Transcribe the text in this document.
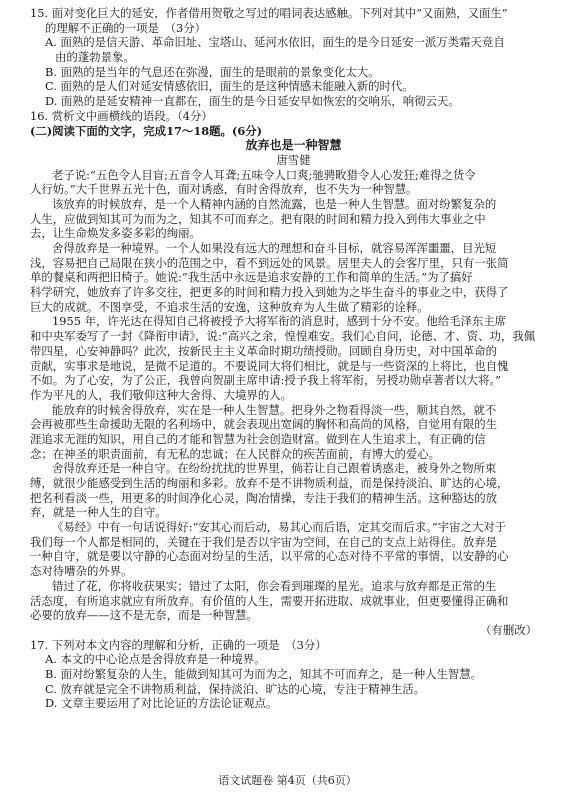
15. 面对变化巨大的延安，作者借用贺敬之写过的唱词表达感触。下列对其中“又面熟，又面生”
的理解不正确的一项是　（3分）
A. 面熟的是信天游、革命旧址、宝塔山、延河水依旧，面生的是今日延安一派万类霜天竞自
由的蓬勃景象。
B. 面熟的是当年的气息还在弥漫，面生的是眼前的景象变化太大。
C. 面熟的是人们对延安情感依旧，面生的是这种情感未能融入新的时代。
D. 面熟的是延安精神一直都在，面生的是今日延安早如恢宏的交响乐，响彻云天。
16. 赏析文中画横线的语段。（4分）
(二)阅读下面的文字，完成17～18题。(6分)
放弃也是一种智慧
唐雪健
老子说:“五色令人目盲;五音令人耳聋;五味令人口爽;驰骋畋猎令人心发狂;难得之货令
人行妨。”大千世界五光十色，面对诱惑，有时舍得放弃，也不失为一种智慧。
该放弃的时候放弃，是一个人精神内涵的自然流露，也是一种人生智慧。面对纷繁复杂的
人生，应做到知其可为而为之，知其不可而弃之。把有限的时间和精力投入到伟大事业之中
去，让生命焕发多姿多彩的绚丽。
舍得放弃是一种境界。一个人如果没有远大的理想和奋斗目标，就容易浑浑噩噩，目光短
浅，容易把自己局限在狭小的范围之中，看不到远处的风景。居里夫人的会客厅里，只有一张简
单的餐桌和两把旧椅子。她说:“我生活中永远是追求安静的工作和简单的生活。”为了搞好
科学研究，她放弃了许多交往，把更多的时间和精力投入到她为之毕生奋斗的事业之中，获得了
巨大的成就。不图享受，不追求生活的安逸，这种放弃为人生做了精彩的诠释。
1955 年，许光达在得知自己将被授予大将军衔的消息时，感到十分不安。他给毛泽东主席
和中央军委写了一封《降衔申请》，说:“高兴之余，惶惶难安。我们心自问，论德、才、资、功，我佩
带四星，心安神静吗？此次，按新民主主义革命时期功绩授勋。回顾自身历史，对中国革命的
贡献，实事求是地说，是微不足道的。不要说同大将们相比，就是与一些资深的上将比，也自愧
不如。为了心安，为了公正，我曾向贺副主席申请:授予我上将军衔，另授功勋卓著者以大将。”
作为平凡的人，我们敬仰这种大舍得、大境界的人。
能放弃的时候舍得放弃，实在是一种人生智慧。把身外之物看得淡一些，顺其自然，就不
会再被那些生命援助无限的名利场中，就会表现出宽阔的胸怀和高尚的风格，自觉用有限的生
涯追求无涯的知识，用自己的才能和智慧为社会创造财富。做到在人生追求上，有正确的信
念；在神圣的职责面前，有无私的忠诚；在人民群众的疾苦面前，有博大的爱心。
舍得放弃还是一种自守。在纷纷扰扰的世界里，倘若让自己跟着诱惑走，被身外之物所束
缚，就很少能感受到生活的绚丽和多彩。放弃不是不讲物质利益，而是保持淡泊、旷达的心境，
把名利看淡一些，用更多的时间净化心灵，陶冶情操，专注于我们的精神生活。这种豁达的放
弃，就是一种人生的自守。
《易经》中有一句话说得好:“安其心而后动，易其心而后语，定其交而后求。”宇宙之大对于
我们每一个人都是相同的，关键在于我们是否以宇宙为空间，在自己的支点上站得住。放弃是
一种自守，就是要以守静的心态面对纷呈的生活，以平常的心态对待不平常的事情，以安静的心
态对待嘈杂的外界。
错过了花，你将收获果实；错过了太阳，你会看到璀璨的星光。追求与放弃都是正常的生
活态度，有所追求就应有所放弃。有价值的人生，需要开拓进取、成就事业，但更要懂得正确和
必要的放弃——这不是无奈，而是一种智慧。
（有删改）
17. 下列对本文内容的理解和分析，正确的一项是　（3分）
A. 本文的中心论点是舍得放弃是一种境界。
B. 面对纷繁复杂的人生，能做到知其可为而为之，知其不可而弃之，是一种人生智慧。
C. 放弃就是完全不讲物质利益，保持淡泊、旷达的心境，专注于精神生活。
D. 文章主要运用了对比论证的方法论证观点。
语文试题卷 第4页（共6页）
